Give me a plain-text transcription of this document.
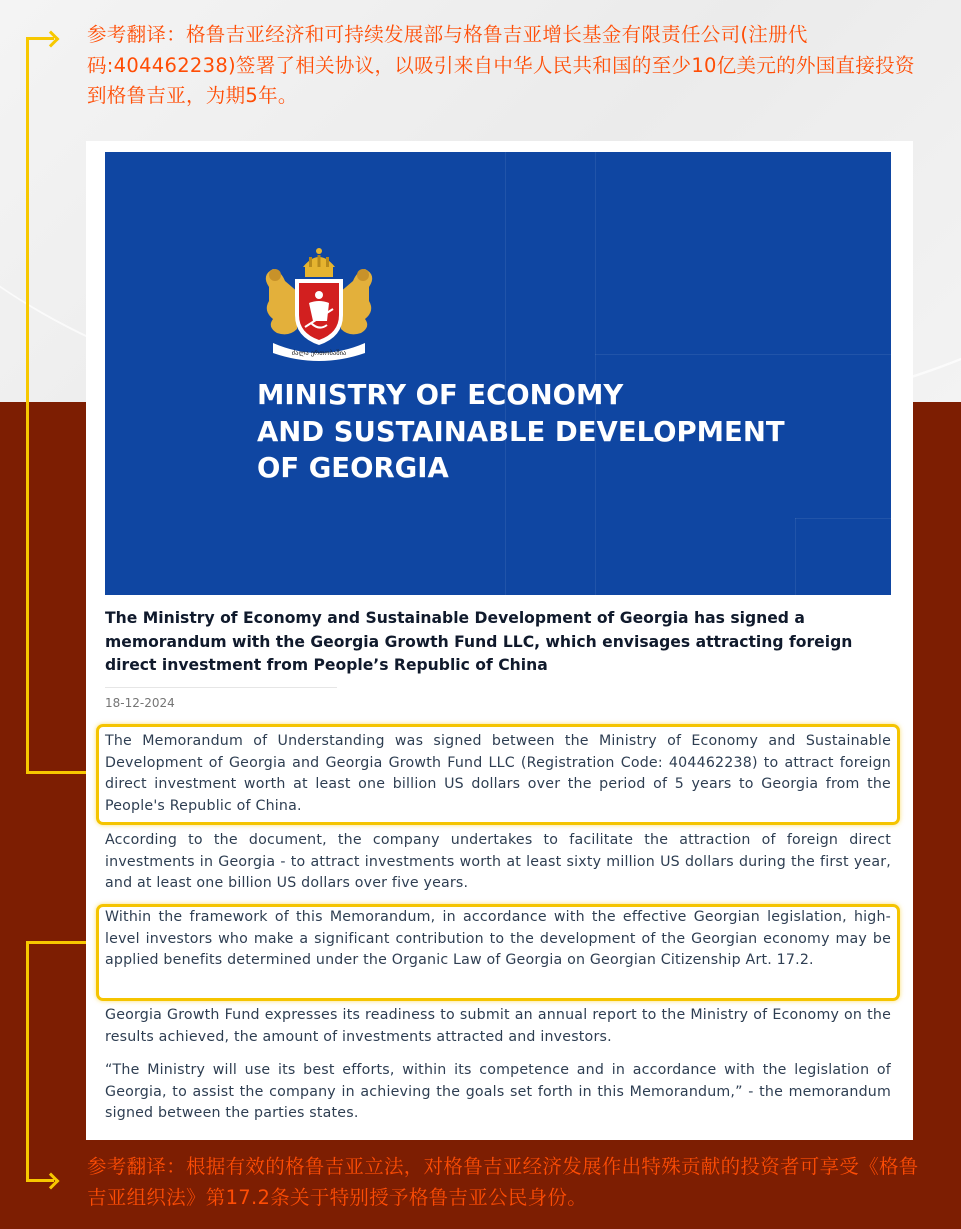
参考翻译：格鲁吉亚经济和可持续发展部与格鲁吉亚增长基金有限责任公司(注册代码:404462238)签署了相关协议，以吸引来自中华人民共和国的至少10亿美元的外国直接投资到格鲁吉亚，为期5年。
ძალა ერთობაშია
MINISTRY OF ECONOMY
AND SUSTAINABLE DEVELOPMENT
OF GEORGIA
The Ministry of Economy and Sustainable Development of Georgia has signed a memorandum with the Georgia Growth Fund LLC, which envisages attracting foreign direct investment from People’s Republic of China
18-12-2024
The Memorandum of Understanding was signed between the Ministry of Economy and Sustainable Development of Georgia and Georgia Growth Fund LLC (Registration Code: 404462238) to attract foreign direct investment worth at least one billion US dollars over the period of 5 years to Georgia from the People's Republic of China.
According to the document, the company undertakes to facilitate the attraction of foreign direct investments in Georgia - to attract investments worth at least sixty million US dollars during the first year, and at least one billion US dollars over five years.
Within the framework of this Memorandum, in accordance with the effective Georgian legislation, high-level investors who make a significant contribution to the development of the Georgian economy may be applied benefits determined under the Organic Law of Georgia on Georgian Citizenship Art. 17.2.
Georgia Growth Fund expresses its readiness to submit an annual report to the Ministry of Economy on the results achieved, the amount of investments attracted and investors.
“The Ministry will use its best efforts, within its competence and in accordance with the legislation of Georgia, to assist the company in achieving the goals set forth in this Memorandum,” - the memorandum signed between the parties states.
参考翻译：根据有效的格鲁吉亚立法，对格鲁吉亚经济发展作出特殊贡献的投资者可享受《格鲁吉亚组织法》第17.2条关于特别授予格鲁吉亚公民身份。
